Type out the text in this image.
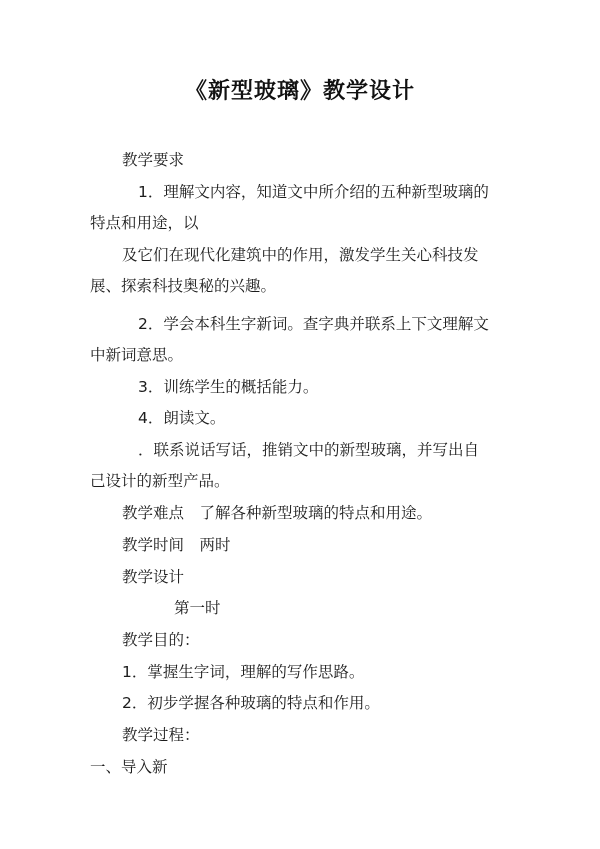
《新型玻璃》教学设计
教学要求
1．理解文内容，知道文中所介绍的五种新型玻璃的
特点和用途，以
及它们在现代化建筑中的作用，激发学生关心科技发
展、探索科技奥秘的兴趣。
2．学会本科生字新词。查字典并联系上下文理解文
中新词意思。
3．训练学生的概括能力。
4．朗读文。
．联系说话写话，推销文中的新型玻璃，并写出自
己设计的新型产品。
教学难点　了解各种新型玻璃的特点和用途。
教学时间　两时
教学设计
第一时
教学目的：
1．掌握生字词，理解的写作思路。
2．初步学握各种玻璃的特点和作用。
教学过程：
一、导入新
